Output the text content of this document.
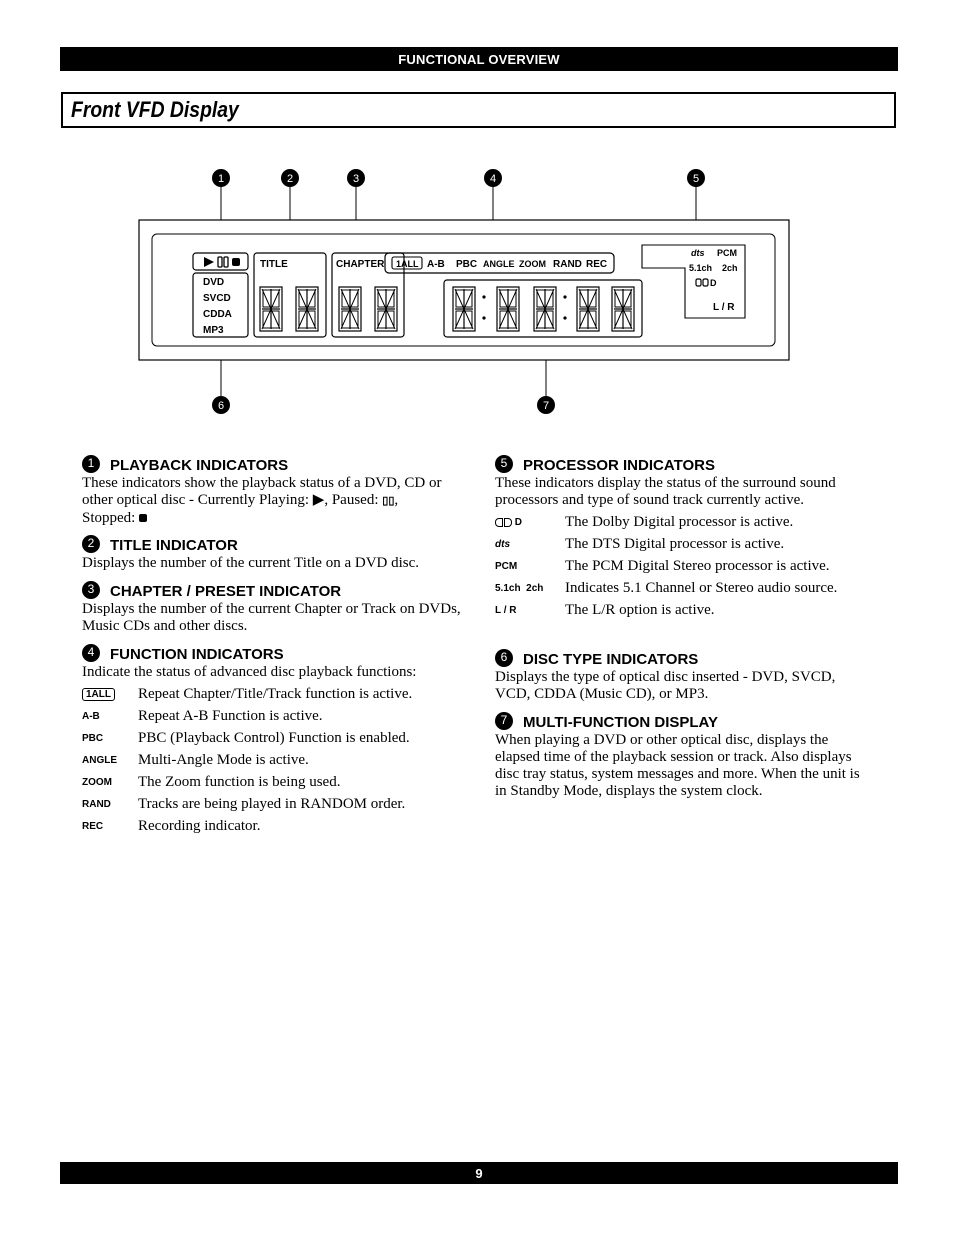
FUNCTIONAL OVERVIEW
Front VFD Display
1	2	3	4	5
6	7
DVD
SVCD
CDDA
MP3
TITLE	CHAPTER 1ALL A-B PBC ANGLE ZOOM RAND REC
dts PCM
5.1ch 2ch
D
L / R
1	PLAYBACK INDICATORS
These indicators show the playback status of a DVD, CD or other optical disc - Currently Playing: ▶, Paused: ▯▯,
Stopped:
2	TITLE INDICATOR
Displays the number of the current Title on a DVD disc.
3	CHAPTER / PRESET INDICATOR
Displays the number of the current Chapter or Track on DVDs, Music CDs and other discs.
4	FUNCTION INDICATORS
Indicate the status of advanced disc playback functions:
1ALL Repeat Chapter/Title/Track function is active.
A-B	Repeat A-B Function is active.
PBC	PBC (Playback Control) Function is enabled.
ANGLE	Multi-Angle Mode is active.
ZOOM	The Zoom function is being used.
RAND	Tracks are being played in RANDOM order.
REC	Recording indicator.
5	PROCESSOR INDICATORS
These indicators display the status of the surround sound processors and type of sound track currently active.

D	The Dolby Digital processor is active.
dts	The DTS Digital processor is active.
PCM	The PCM Digital Stereo processor is active.
5.1ch  2ch	Indicates 5.1 Channel or Stereo audio source.
L / R	The L/R option is active.
6	DISC TYPE INDICATORS
Displays the type of optical disc inserted - DVD, SVCD, VCD, CDDA (Music CD), or MP3.
7	MULTI-FUNCTION DISPLAY
When playing a DVD or other optical disc, displays the elapsed time of the playback session or track. Also displays disc tray status, system messages and more. When the unit is in Standby Mode, displays the system clock.
9
